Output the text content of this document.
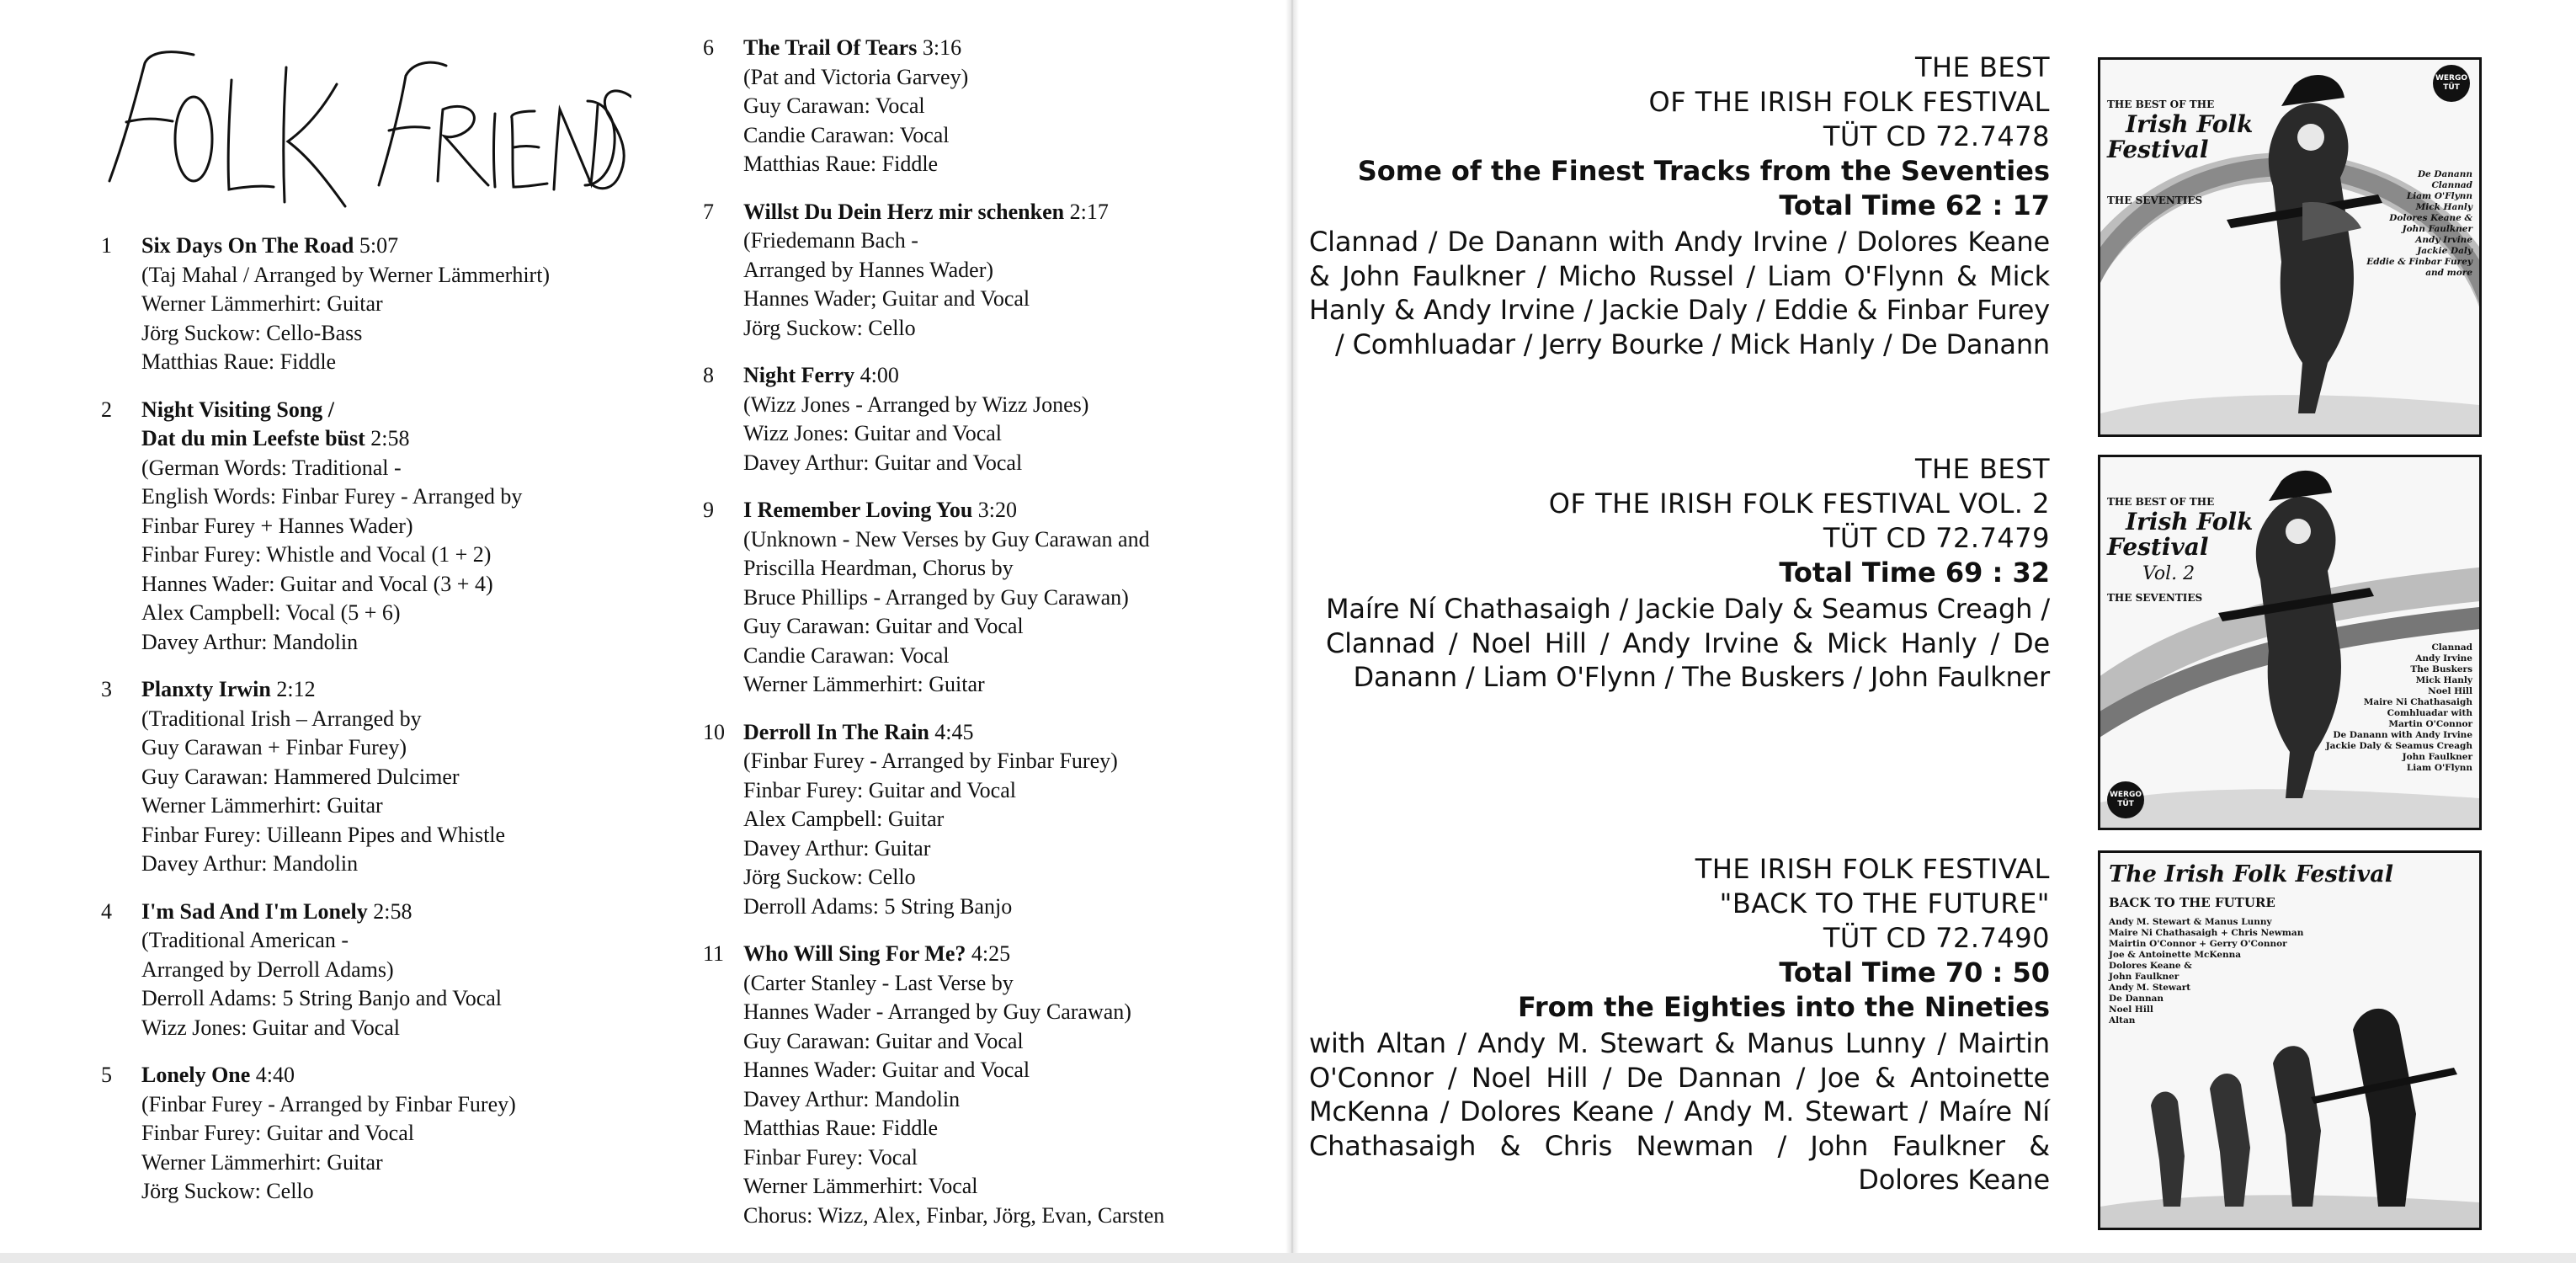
1	Six Days On The Road 5:07
(Taj Mahal / Arranged by Werner Lämmerhirt)
Werner Lämmerhirt: Guitar
Jörg Suckow: Cello-Bass
Matthias Raue: Fiddle
2	Night Visiting Song /
Dat du min Leefste büst 2:58
(German Words: Traditional -
English Words: Finbar Furey - Arranged by
Finbar Furey + Hannes Wader)
Finbar Furey: Whistle and Vocal (1 + 2)
Hannes Wader: Guitar and Vocal (3 + 4)
Alex Campbell: Vocal (5 + 6)
Davey Arthur: Mandolin
3	Planxty Irwin 2:12
(Traditional Irish – Arranged by
Guy Carawan + Finbar Furey)
Guy Carawan: Hammered Dulcimer
Werner Lämmerhirt: Guitar
Finbar Furey: Uilleann Pipes and Whistle
Davey Arthur: Mandolin
4	I'm Sad And I'm Lonely 2:58
(Traditional American -
Arranged by Derroll Adams)
Derroll Adams: 5 String Banjo and Vocal
Wizz Jones: Guitar and Vocal
5	Lonely One 4:40
(Finbar Furey - Arranged by Finbar Furey)
Finbar Furey: Guitar and Vocal
Werner Lämmerhirt: Guitar
Jörg Suckow: Cello
6	The Trail Of Tears 3:16
(Pat and Victoria Garvey)
Guy Carawan: Vocal
Candie Carawan: Vocal
Matthias Raue: Fiddle
7	Willst Du Dein Herz mir schenken 2:17
(Friedemann Bach -
Arranged by Hannes Wader)
Hannes Wader; Guitar and Vocal
Jörg Suckow: Cello
8	Night Ferry 4:00
(Wizz Jones - Arranged by Wizz Jones)
Wizz Jones: Guitar and Vocal
Davey Arthur: Guitar and Vocal
9	I Remember Loving You 3:20
(Unknown - New Verses by Guy Carawan and
Priscilla Heardman, Chorus by
Bruce Phillips - Arranged by Guy Carawan)
Guy Carawan: Guitar and Vocal
Candie Carawan: Vocal
Werner Lämmerhirt: Guitar
10 Derroll In The Rain 4:45
(Finbar Furey - Arranged by Finbar Furey)
Finbar Furey: Guitar and Vocal
Alex Campbell: Guitar
Davey Arthur: Guitar
Jörg Suckow: Cello
Derroll Adams: 5 String Banjo
11 Who Will Sing For Me? 4:25
(Carter Stanley - Last Verse by
Hannes Wader - Arranged by Guy Carawan)
Guy Carawan: Guitar and Vocal
Hannes Wader: Guitar and Vocal
Davey Arthur: Mandolin
Matthias Raue: Fiddle
Finbar Furey: Vocal
Werner Lämmerhirt: Vocal
Chorus: Wizz, Alex, Finbar, Jörg, Evan, Carsten
THE BEST
OF THE IRISH FOLK FESTIVAL
TÜT CD 72.7478
Some of the Finest Tracks from the Seventies
Total Time 62 : 17
Clannad / De Danann with Andy Irvine / Dolores Keane & John Faulkner / Micho Russel / Liam O'Flynn & Mick Hanly & Andy Irvine / Jackie Daly / Eddie & Finbar Furey / Comhluadar / Jerry Bourke / Mick Hanly / De Danann
THE BEST OF THE
Irish Folk
Festival
THE SEVENTIES
WERGO TÜT
De Danann
Clannad
Liam O'Flynn
Mick Hanly
Dolores Keane &
John Faulkner
Andy Irvine
Jackie Daly
Eddie & Finbar Furey
and more
THE BEST
OF THE IRISH FOLK FESTIVAL VOL. 2
TÜT CD 72.7479
Total Time 69 : 32
Maíre Ní Chathasaigh / Jackie Daly & Seamus Creagh / Clannad / Noel Hill / Andy Irvine & Mick Hanly / De Danann / Liam O'Flynn / The Buskers / John Faulkner
THE BEST OF THE
Irish Folk
Festival
Vol. 2
THE SEVENTIES
WERGO TÜT
Clannad
Andy Irvine
The Buskers
Mick Hanly
Noel Hill
Maire Ni Chathasaigh
Comhluadar with
Martin O'Connor
De Danann with Andy Irvine
Jackie Daly & Seamus Creagh
John Faulkner
Liam O'Flynn
THE IRISH FOLK FESTIVAL
"BACK TO THE FUTURE"
TÜT CD 72.7490
Total Time 70 : 50
From the Eighties into the Nineties
with Altan / Andy M. Stewart & Manus Lunny / Mairtin O'Connor / Noel Hill / De Dannan / Joe & Antoinette McKenna / Dolores Keane / Andy M. Stewart / Maíre Ní Chathasaigh & Chris Newman / John Faulkner & Dolores Keane
The Irish Folk Festival
BACK TO THE FUTURE
Andy M. Stewart & Manus Lunny
Maire Ni Chathasaigh + Chris Newman
Mairtin O'Connor + Gerry O'Connor
Joe & Antoinette McKenna
Dolores Keane &
John Faulkner
Andy M. Stewart
De Dannan
Noel Hill
Altan
